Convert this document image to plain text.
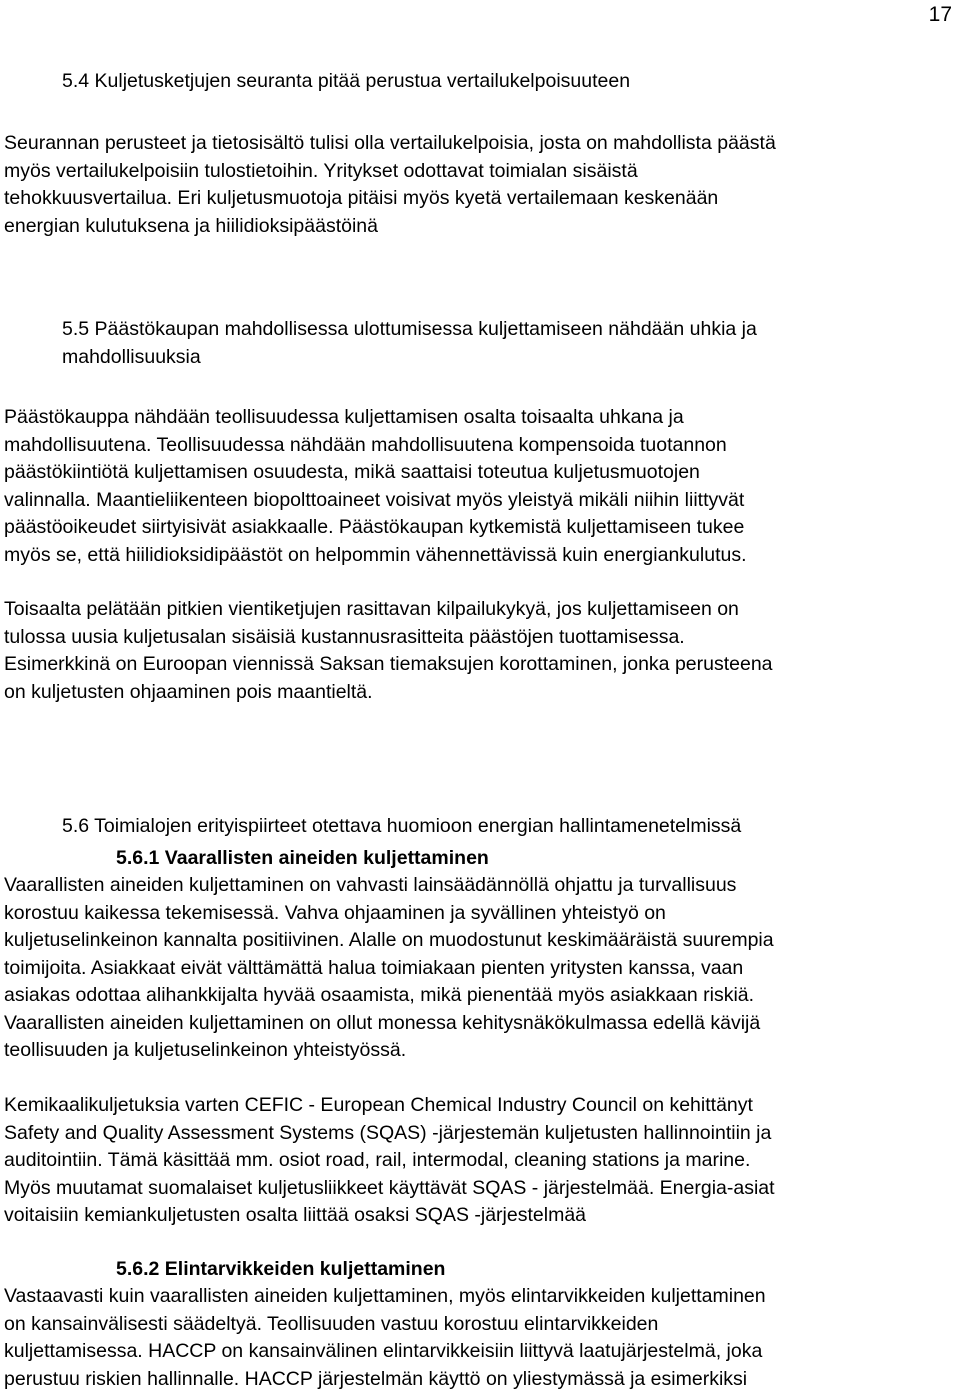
17
5.4 Kuljetusketjujen seuranta pitää perustua vertailukelpoisuuteen

Seurannan perusteet ja tietosisältö tulisi olla vertailukelpoisia, josta on mahdollista päästä
myös vertailukelpoisiin tulostietoihin. Yritykset odottavat toimialan sisäistä
tehokkuusvertailua. Eri kuljetusmuotoja pitäisi myös kyetä vertailemaan keskenään
energian kulutuksena ja hiilidioksipäästöinä

5.5 Päästökaupan mahdollisessa ulottumisessa kuljettamiseen nähdään uhkia ja
mahdollisuuksia

Päästökauppa nähdään teollisuudessa kuljettamisen osalta toisaalta uhkana ja
mahdollisuutena. Teollisuudessa nähdään mahdollisuutena kompensoida tuotannon
päästökiintiötä kuljettamisen osuudesta, mikä saattaisi toteutua kuljetusmuotojen
valinnalla. Maantieliikenteen biopolttoaineet voisivat myös yleistyä mikäli niihin liittyvät
päästöoikeudet siirtyisivät asiakkaalle. Päästökaupan kytkemistä kuljettamiseen tukee
myös se, että hiilidioksidipäästöt on helpommin vähennettävissä kuin energiankulutus.

Toisaalta pelätään pitkien vientiketjujen rasittavan kilpailukykyä, jos kuljettamiseen on
tulossa uusia kuljetusalan sisäisiä kustannusrasitteita päästöjen tuottamisessa.
Esimerkkinä on Euroopan viennissä Saksan tiemaksujen korottaminen, jonka perusteena
on kuljetusten ohjaaminen pois maantieltä.

5.6 Toimialojen erityispiirteet otettava huomioon energian hallintamenetelmissä
5.6.1 Vaarallisten aineiden kuljettaminen

Vaarallisten aineiden kuljettaminen on vahvasti lainsäädännöllä ohjattu ja turvallisuus
korostuu kaikessa tekemisessä. Vahva ohjaaminen ja syvällinen yhteistyö on
kuljetuselinkeinon kannalta positiivinen. Alalle on muodostunut keskimääräistä suurempia
toimijoita. Asiakkaat eivät välttämättä halua toimiakaan pienten yritysten kanssa, vaan
asiakas odottaa alihankkijalta hyvää osaamista, mikä pienentää myös asiakkaan riskiä.
Vaarallisten aineiden kuljettaminen on ollut monessa kehitysnäkökulmassa edellä kävijä
teollisuuden ja kuljetuselinkeinon yhteistyössä.

Kemikaalikuljetuksia varten CEFIC - European Chemical Industry Council on kehittänyt
Safety and Quality Assessment Systems (SQAS) -järjestemän kuljetusten hallinnointiin ja
auditointiin. Tämä käsittää mm. osiot road, rail, intermodal, cleaning stations ja marine.
Myös muutamat suomalaiset kuljetusliikkeet käyttävät SQAS - järjestelmää. Energia-asiat
voitaisiin kemiankuljetusten osalta liittää osaksi SQAS -järjestelmää

5.6.2 Elintarvikkeiden kuljettaminen

Vastaavasti kuin vaarallisten aineiden kuljettaminen, myös elintarvikkeiden kuljettaminen
on kansainvälisesti säädeltyä. Teollisuuden vastuu korostuu elintarvikkeiden
kuljettamisessa. HACCP on kansainvälinen elintarvikkeisiin liittyvä laatujärjestelmä, joka
perustuu riskien hallinnalle. HACCP järjestelmän käyttö on yliestymässä ja esimerkiksi
